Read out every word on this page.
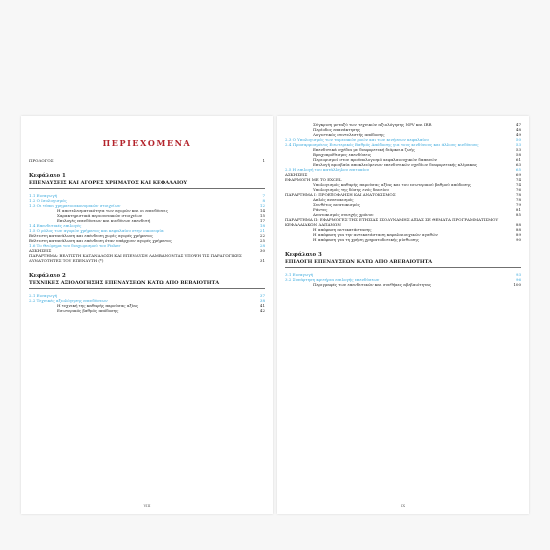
ΠΕΡΙΕΧΟΜΕΝΑ
ΠΡΟΛΟΓΟΣ	1
Κεφάλαιο 1
ΕΠΕΝΔΥΣΕΙΣ ΚΑΙ ΑΓΟΡΕΣ ΧΡΗΜΑΤΟΣ ΚΑΙ ΚΕΦΑΛΑΙΟΥ
1.1 Εισαγωγή	7
1.2 Ο Ισολογισμός	8
1.3 Οι τύποι χρηματοοικονομικών στοιχείων	12
Η αποτελεσματικότητα των αγορών και οι επενδύσεις	14
Χαρακτηριστικά περιουσιακών στοιχείων	15
Επιλογές επενδύσεων και κινδύνων επενδυτή	17
1.4 Επενδυτικές επιλογές	18
1.5 Ο ρόλος των αγορών χρήματος και κεφαλαίου στην οικονομία	21
Βέλτιστη κατανάλωση και επένδυση χωρίς αγορές χρήματος	22
Βέλτιστη κατανάλωση και επένδυση όταν υπάρχουν αγορές χρήματος	25
1.6 Το Θεώρημα του διαχωρισμού του Fisher	28
ΑΣΚΗΣΕΙΣ	30
ΠΑΡΑΡΤΗΜΑ: ΒΕΛΤΙΣΤΗ ΚΑΤΑΝΑΛΩΣΗ ΚΑΙ ΕΠΕΝΔΥΣΗ ΛΑΜΒΑΝΟΝΤΑΣ ΥΠΟΨΗ ΤΙΣ ΠΑΡΑΓΩΓΙΚΕΣ ΔΥΝΑΤΟΤΗΤΕΣ ΤΟΥ ΕΠΕΝΔΥΤΗ (*)	31
Κεφάλαιο 2
ΤΕΧΝΙΚΕΣ ΑΞΙΟΛΟΓΗΣΗΣ ΕΠΕΝΔΥΣΕΩΝ ΚΑΤΩ ΑΠΟ ΒΕΒΑΙΟΤΗΤΑ
2.1 Εισαγωγή	37
2.2 Τεχνικές αξιολόγησης επενδύσεων	38
Η τεχνική της καθαρής παρούσας αξίας	41
Εσωτερικός βαθμός απόδοσης	42
VIII
Σύγκριση μεταξύ των τεχνικών αξιολόγησης NPV και IRR	47
Περίοδος επανάκτησης	48
Λογιστικός συντελεστής απόδοσης	49
2.3 Ο Υπολογισμός των ταμειακών ροών και των κινήσεων κεφαλαίου	50
2.4 Προσαρμοσμένος Εσωτερικός Βαθμός Απόδοσης για τους κινδύνους και άλλους κινδύνους	53
Επενδυτικά σχέδια με διαφορετική διάρκεια ζωής	53
Βραχυπρόθεσμες επενδύσεις	58
Περιορισμοί στον προϋπολογισμό κεφαλαιουχικών δαπανών	61
Επιλογή αμοιβαία αποκλειόμενων επενδυτικών σχεδίων διαφορετικής κλίμακας	63
2.5 Η επιλογή του κατάλληλου επιτοκίου	65
ΑΣΚΗΣΕΙΣ	69
ΕΦΑΡΜΟΓΗ ΜΕ ΤΟ EXCEL	74
Υπολογισμός καθαρής παρούσας αξίας και του εσωτερικού βαθμού απόδοσης	74
Υπολογισμός της δόσης ενός δανείου	76
ΠΑΡΑΡΤΗΜΑ Ι: ΠΡΟΕΞΟΦΛΗΣΗ ΚΑΙ ΑΝΑΤΟΚΙΣΜΟΣ	78
Απλός ανατοκισμός	78
Συνθέτος ανατοκισμός	79
Ράντες	81
Ανατοκισμός συνεχής χρόνου	85
ΠΑΡΑΡΤΗΜΑ ΙΙ: ΕΦΑΡΜΟΓΕΣ ΤΗΣ ΕΤΗΣΙΑΣ ΙΣΟΔΥΝΑΜΗΣ ΑΞΙΑΣ ΣΕ ΘΕΜΑΤΑ ΠΡΟΓΡΑΜΜΑΤΙΣΜΟΥ ΚΕΦΑΛΑΙΑΚΩΝ ΔΑΠΑΝΩΝ	88
Η απόφαση αντικατάστασης	88
Η απόφαση για την αντικατάσταση κεφαλαιουχικών αγαθών	89
Η απόφαση για τη χρήση χρηματοδοτικής μίσθωσης	90
Κεφάλαιο 3
ΕΠΙΛΟΓΗ ΕΠΕΝΔΥΣΕΩΝ ΚΑΤΩ ΑΠΟ ΑΒΕΒΑΙΟΤΗΤΑ
3.1 Εισαγωγή	93
3.2 Συνάρτηση κριτήρια επιλογής επενδύσεων	96
Περιγραφές των επενδυτικών και συνθήκες αβεβαιότητας	100
IX
